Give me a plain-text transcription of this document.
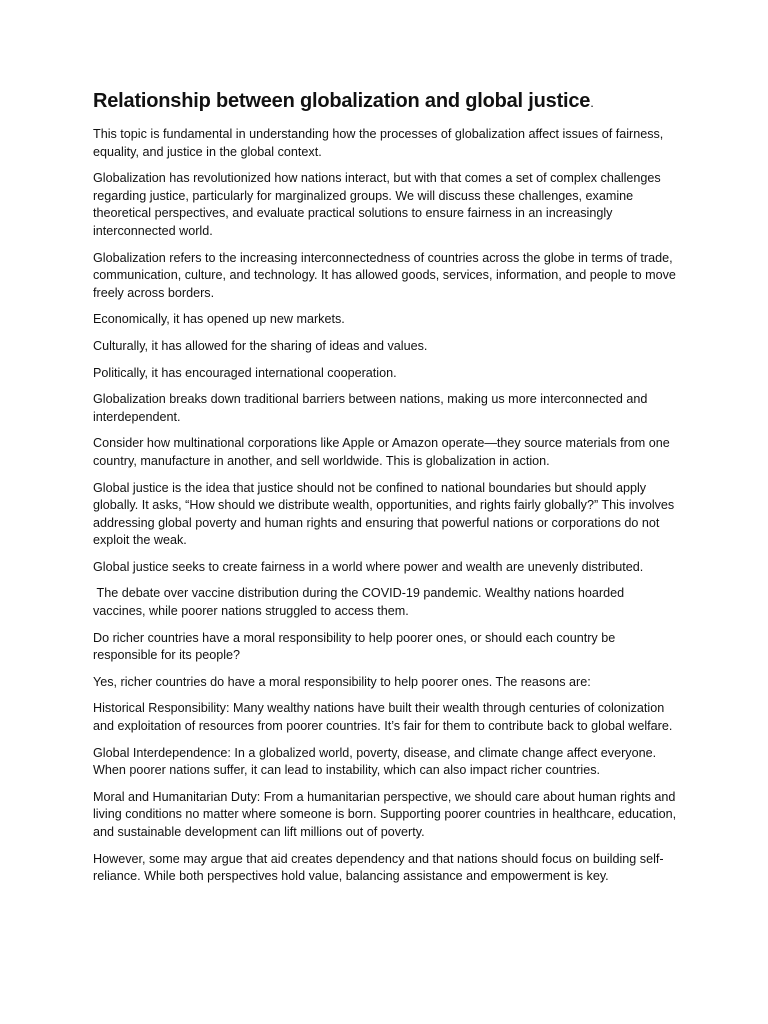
Relationship between globalization and global justice.

This topic is fundamental in understanding how the processes of globalization affect issues of fairness, equality, and justice in the global context.

Globalization has revolutionized how nations interact, but with that comes a set of complex challenges regarding justice, particularly for marginalized groups. We will discuss these challenges, examine theoretical perspectives, and evaluate practical solutions to ensure fairness in an increasingly interconnected world.

Globalization refers to the increasing interconnectedness of countries across the globe in terms of trade, communication, culture, and technology. It has allowed goods, services, information, and people to move freely across borders.

Economically, it has opened up new markets.

Culturally, it has allowed for the sharing of ideas and values.

Politically, it has encouraged international cooperation.

Globalization breaks down traditional barriers between nations, making us more interconnected and interdependent.

Consider how multinational corporations like Apple or Amazon operate—they source materials from one country, manufacture in another, and sell worldwide. This is globalization in action.

Global justice is the idea that justice should not be confined to national boundaries but should apply globally. It asks, “How should we distribute wealth, opportunities, and rights fairly globally?” This involves addressing global poverty and human rights and ensuring that powerful nations or corporations do not exploit the weak.

Global justice seeks to create fairness in a world where power and wealth are unevenly distributed.

The debate over vaccine distribution during the COVID-19 pandemic. Wealthy nations hoarded vaccines, while poorer nations struggled to access them.

Do richer countries have a moral responsibility to help poorer ones, or should each country be responsible for its people?

Yes, richer countries do have a moral responsibility to help poorer ones. The reasons are:

Historical Responsibility: Many wealthy nations have built their wealth through centuries of colonization and exploitation of resources from poorer countries. It’s fair for them to contribute back to global welfare.

Global Interdependence: In a globalized world, poverty, disease, and climate change affect everyone. When poorer nations suffer, it can lead to instability, which can also impact richer countries.

Moral and Humanitarian Duty: From a humanitarian perspective, we should care about human rights and living conditions no matter where someone is born. Supporting poorer countries in healthcare, education, and sustainable development can lift millions out of poverty.

However, some may argue that aid creates dependency and that nations should focus on building self-reliance. While both perspectives hold value, balancing assistance and empowerment is key.
